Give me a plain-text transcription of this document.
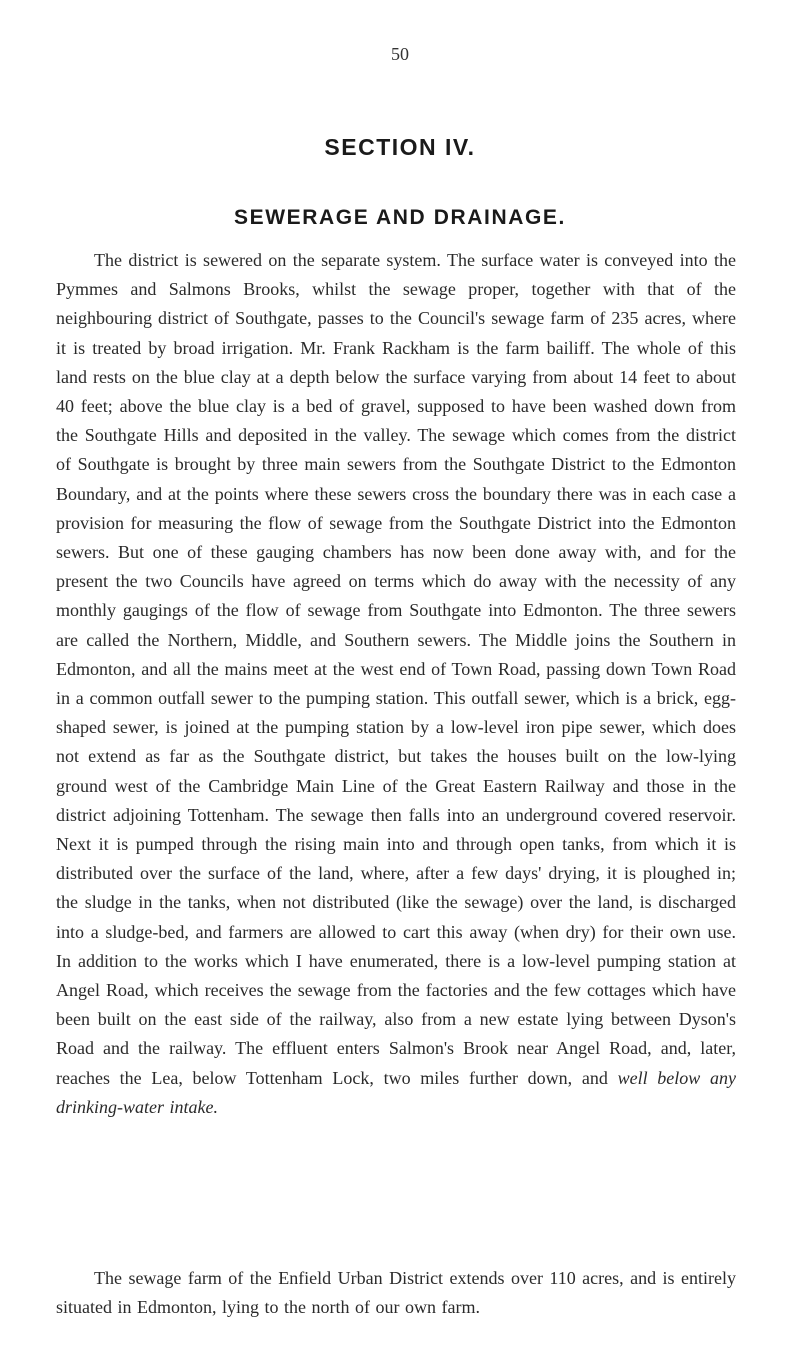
50
SECTION IV.
SEWERAGE AND DRAINAGE.

The district is sewered on the separate system. The surface water is conveyed into the Pymmes and Salmons Brooks, whilst the sewage proper, together with that of the neighbouring district of Southgate, passes to the Council's sewage farm of 235 acres, where it is treated by broad irrigation. Mr. Frank Rackham is the farm bailiff. The whole of this land rests on the blue clay at a depth below the surface varying from about 14 feet to about 40 feet; above the blue clay is a bed of gravel, supposed to have been washed down from the Southgate Hills and deposited in the valley. The sewage which comes from the district of Southgate is brought by three main sewers from the Southgate District to the Edmonton Boundary, and at the points where these sewers cross the boundary there was in each case a provision for measuring the flow of sewage from the Southgate District into the Edmonton sewers. But one of these gauging chambers has now been done away with, and for the present the two Councils have agreed on terms which do away with the necessity of any monthly gaugings of the flow of sewage from Southgate into Edmonton. The three sewers are called the Northern, Middle, and Southern sewers. The Middle joins the Southern in Edmonton, and all the mains meet at the west end of Town Road, passing down Town Road in a common outfall sewer to the pumping station. This outfall sewer, which is a brick, egg-shaped sewer, is joined at the pumping station by a low-level iron pipe sewer, which does not extend as far as the Southgate district, but takes the houses built on the low-lying ground west of the Cambridge Main Line of the Great Eastern Railway and those in the district adjoining Tottenham. The sewage then falls into an underground covered reservoir. Next it is pumped through the rising main into and through open tanks, from which it is distributed over the surface of the land, where, after a few days' drying, it is ploughed in; the sludge in the tanks, when not distributed (like the sewage) over the land, is discharged into a sludge-bed, and farmers are allowed to cart this away (when dry) for their own use. In addition to the works which I have enumerated, there is a low-level pumping station at Angel Road, which receives the sewage from the factories and the few cottages which have been built on the east side of the railway, also from a new estate lying between Dyson's Road and the railway. The effluent enters Salmon's Brook near Angel Road, and, later, reaches the Lea, below Tottenham Lock, two miles further down, and well below any drinking-water intake.

The sewage farm of the Enfield Urban District extends over 110 acres, and is entirely situated in Edmonton, lying to the north of our own farm.
